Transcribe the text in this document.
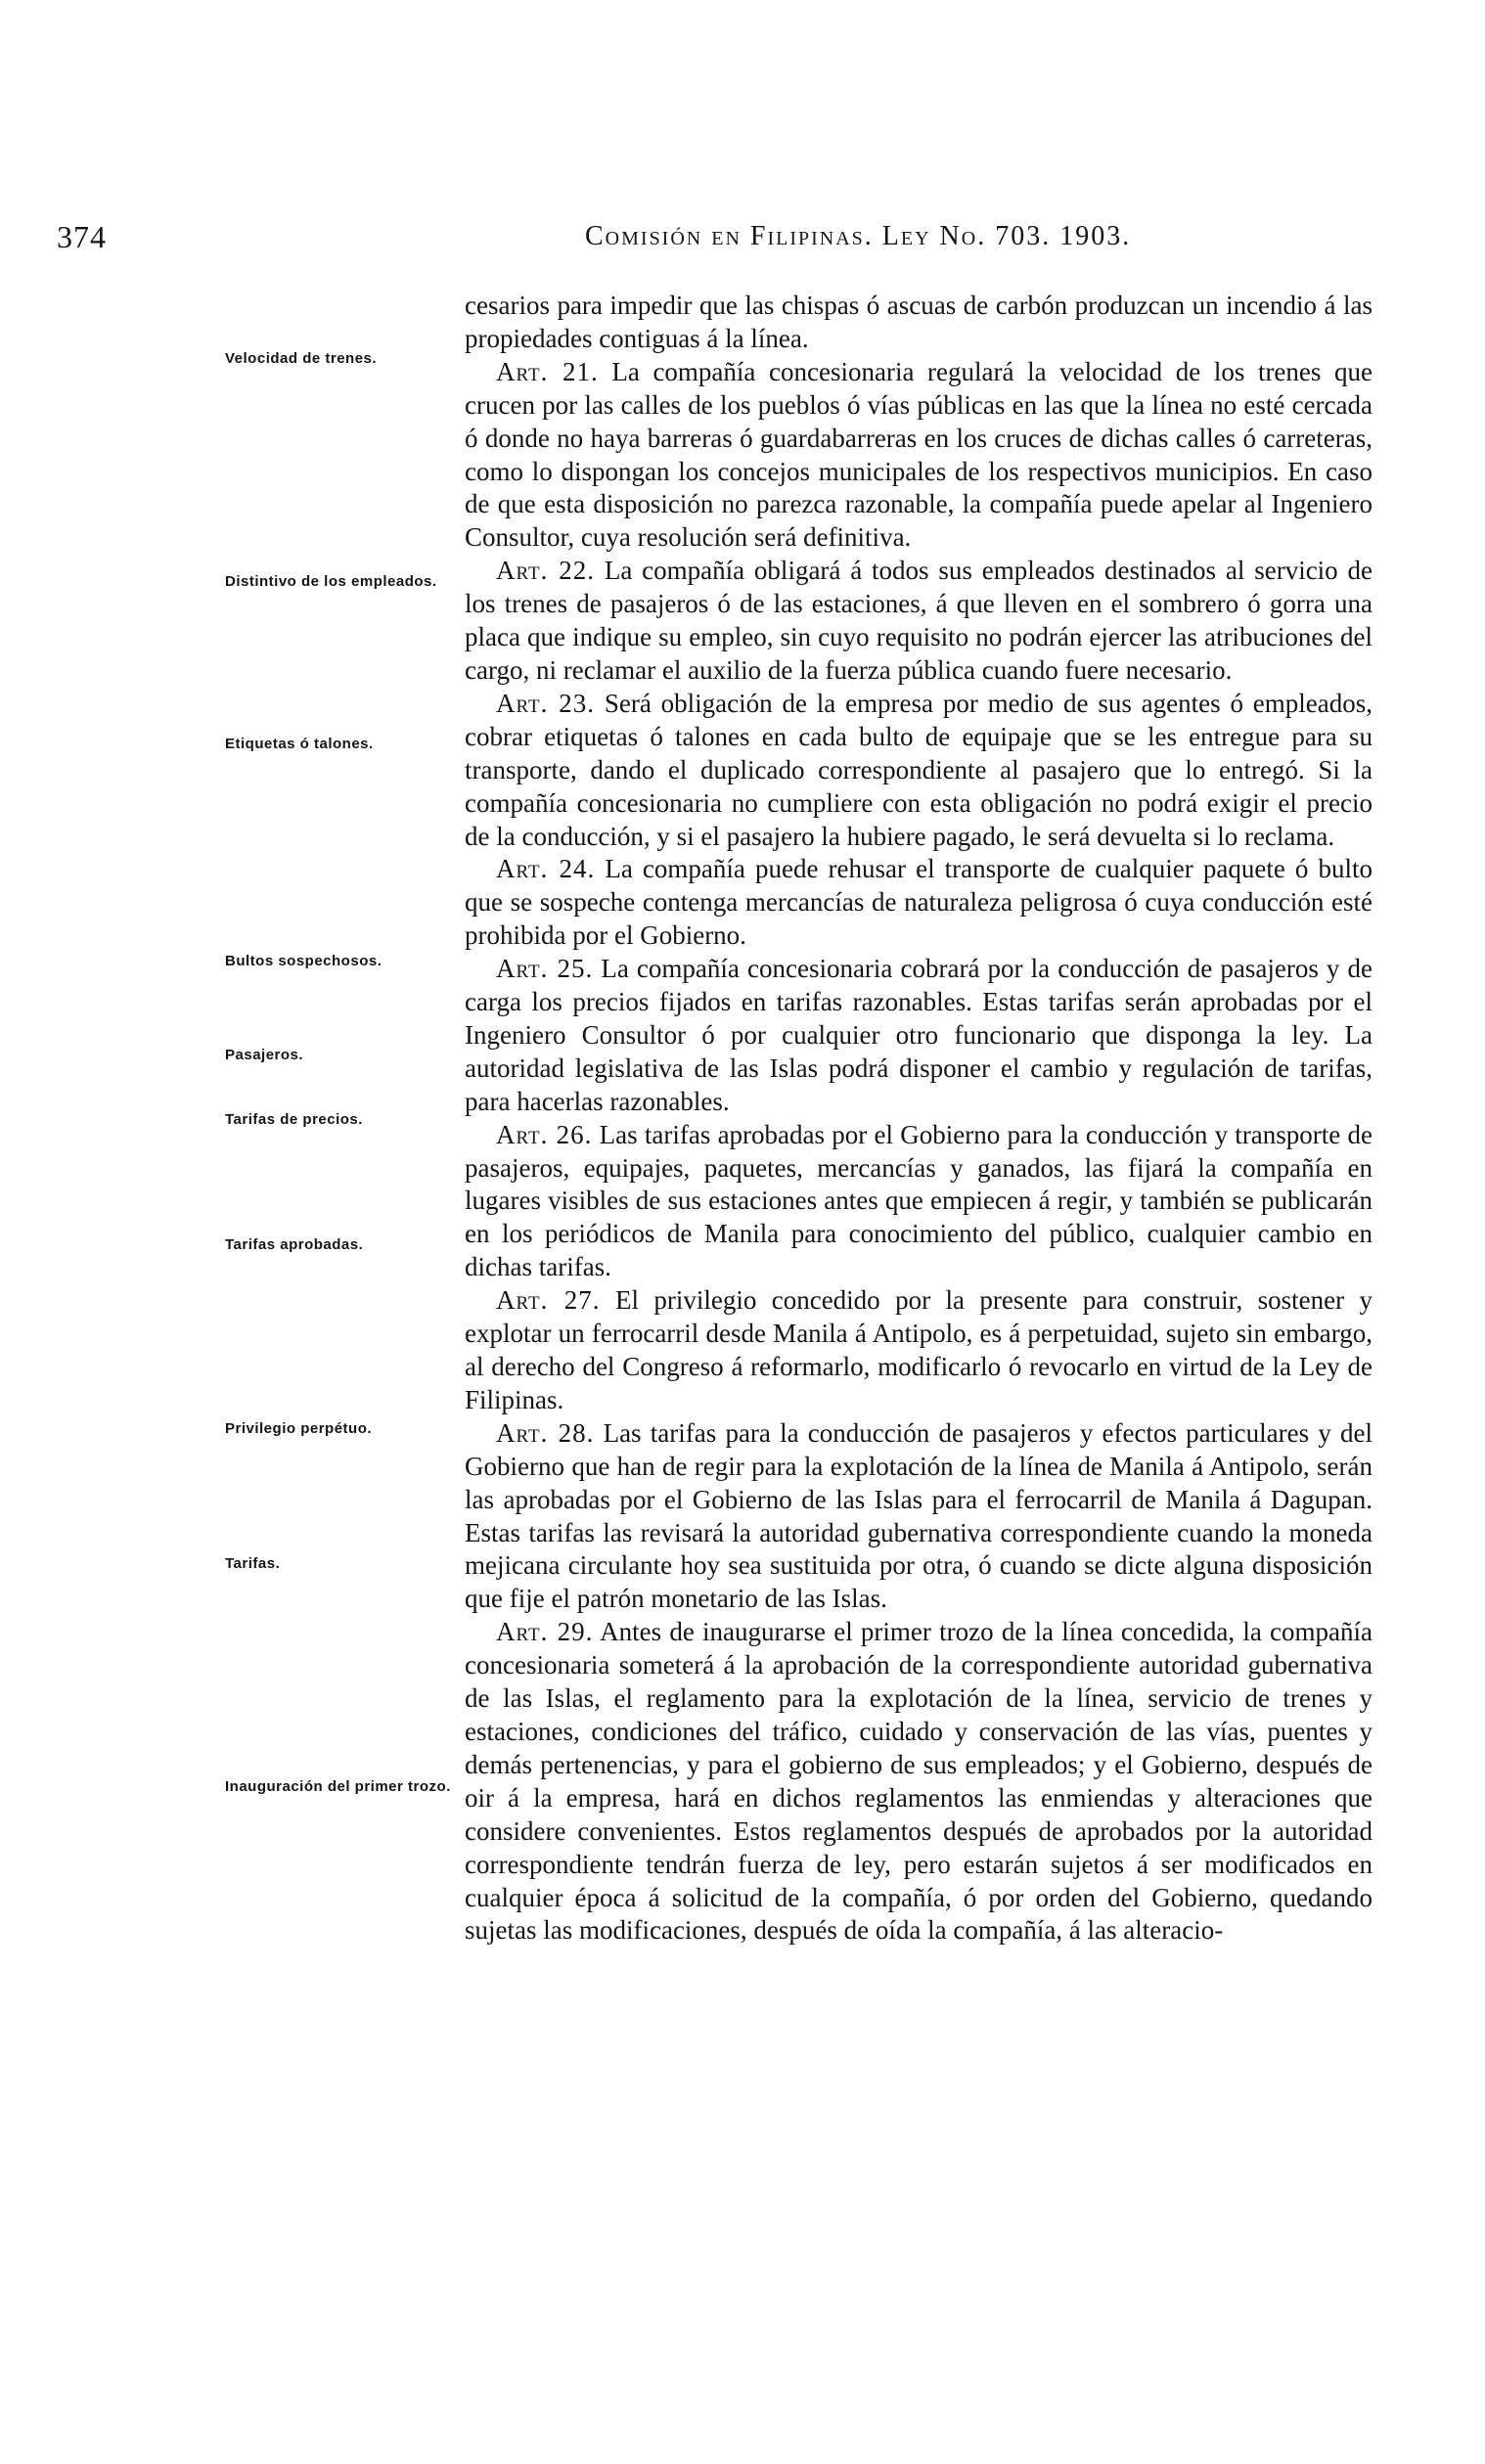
374	Comisión en Filipinas. Ley No. 703. 1903.
Velocidad de trenes.
Distintivo de los empleados.
Etiquetas ó talones.
Bultos sospechosos.
Pasajeros.
Tarifas de precios.
Tarifas aprobadas.
Privilegio perpétuo.
Tarifas.
Inauguración del primer trozo.

cesarios para impedir que las chispas ó ascuas de carbón produzcan un incendio á las propiedades contiguas á la línea.

Art. 21. La compañía concesionaria regulará la velocidad de los trenes que crucen por las calles de los pueblos ó vías públicas en las que la línea no esté cercada ó donde no haya barreras ó guardabarreras en los cruces de dichas calles ó carreteras, como lo dispongan los concejos municipales de los respectivos municipios. En caso de que esta disposición no parezca razonable, la compañía puede apelar al Ingeniero Consultor, cuya resolución será definitiva.

Art. 22. La compañía obligará á todos sus empleados destinados al servicio de los trenes de pasajeros ó de las estaciones, á que lleven en el sombrero ó gorra una placa que indique su empleo, sin cuyo requisito no podrán ejercer las atribuciones del cargo, ni reclamar el auxilio de la fuerza pública cuando fuere necesario.

Art. 23. Será obligación de la empresa por medio de sus agentes ó empleados, cobrar etiquetas ó talones en cada bulto de equipaje que se les entregue para su transporte, dando el duplicado correspondiente al pasajero que lo entregó. Si la compañía concesionaria no cumpliere con esta obligación no podrá exigir el precio de la conducción, y si el pasajero la hubiere pagado, le será devuelta si lo reclama.

Art. 24. La compañía puede rehusar el transporte de cualquier paquete ó bulto que se sospeche contenga mercancías de naturaleza peligrosa ó cuya conducción esté prohibida por el Gobierno.

Art. 25. La compañía concesionaria cobrará por la conducción de pasajeros y de carga los precios fijados en tarifas razonables. Estas tarifas serán aprobadas por el Ingeniero Consultor ó por cualquier otro funcionario que disponga la ley. La autoridad legislativa de las Islas podrá disponer el cambio y regulación de tarifas, para hacerlas razonables.

Art. 26. Las tarifas aprobadas por el Gobierno para la conducción y transporte de pasajeros, equipajes, paquetes, mercancías y ganados, las fijará la compañía en lugares visibles de sus estaciones antes que empiecen á regir, y también se publicarán en los periódicos de Manila para conocimiento del público, cualquier cambio en dichas tarifas.

Art. 27. El privilegio concedido por la presente para construir, sostener y explotar un ferrocarril desde Manila á Antipolo, es á perpetuidad, sujeto sin embargo, al derecho del Congreso á reformarlo, modificarlo ó revocarlo en virtud de la Ley de Filipinas.

Art. 28. Las tarifas para la conducción de pasajeros y efectos particulares y del Gobierno que han de regir para la explotación de la línea de Manila á Antipolo, serán las aprobadas por el Gobierno de las Islas para el ferrocarril de Manila á Dagupan. Estas tarifas las revisará la autoridad gubernativa correspondiente cuando la moneda mejicana circulante hoy sea sustituida por otra, ó cuando se dicte alguna disposición que fije el patrón monetario de las Islas.

Art. 29. Antes de inaugurarse el primer trozo de la línea concedida, la compañía concesionaria someterá á la aprobación de la correspondiente autoridad gubernativa de las Islas, el reglamento para la explotación de la línea, servicio de trenes y estaciones, condiciones del tráfico, cuidado y conservación de las vías, puentes y demás pertenencias, y para el gobierno de sus empleados; y el Gobierno, después de oir á la empresa, hará en dichos reglamentos las enmiendas y alteraciones que considere convenientes. Estos reglamentos después de aprobados por la autoridad correspondiente tendrán fuerza de ley, pero estarán sujetos á ser modificados en cualquier época á solicitud de la compañía, ó por orden del Gobierno, quedando sujetas las modificaciones, después de oída la compañía, á las alteracio-
